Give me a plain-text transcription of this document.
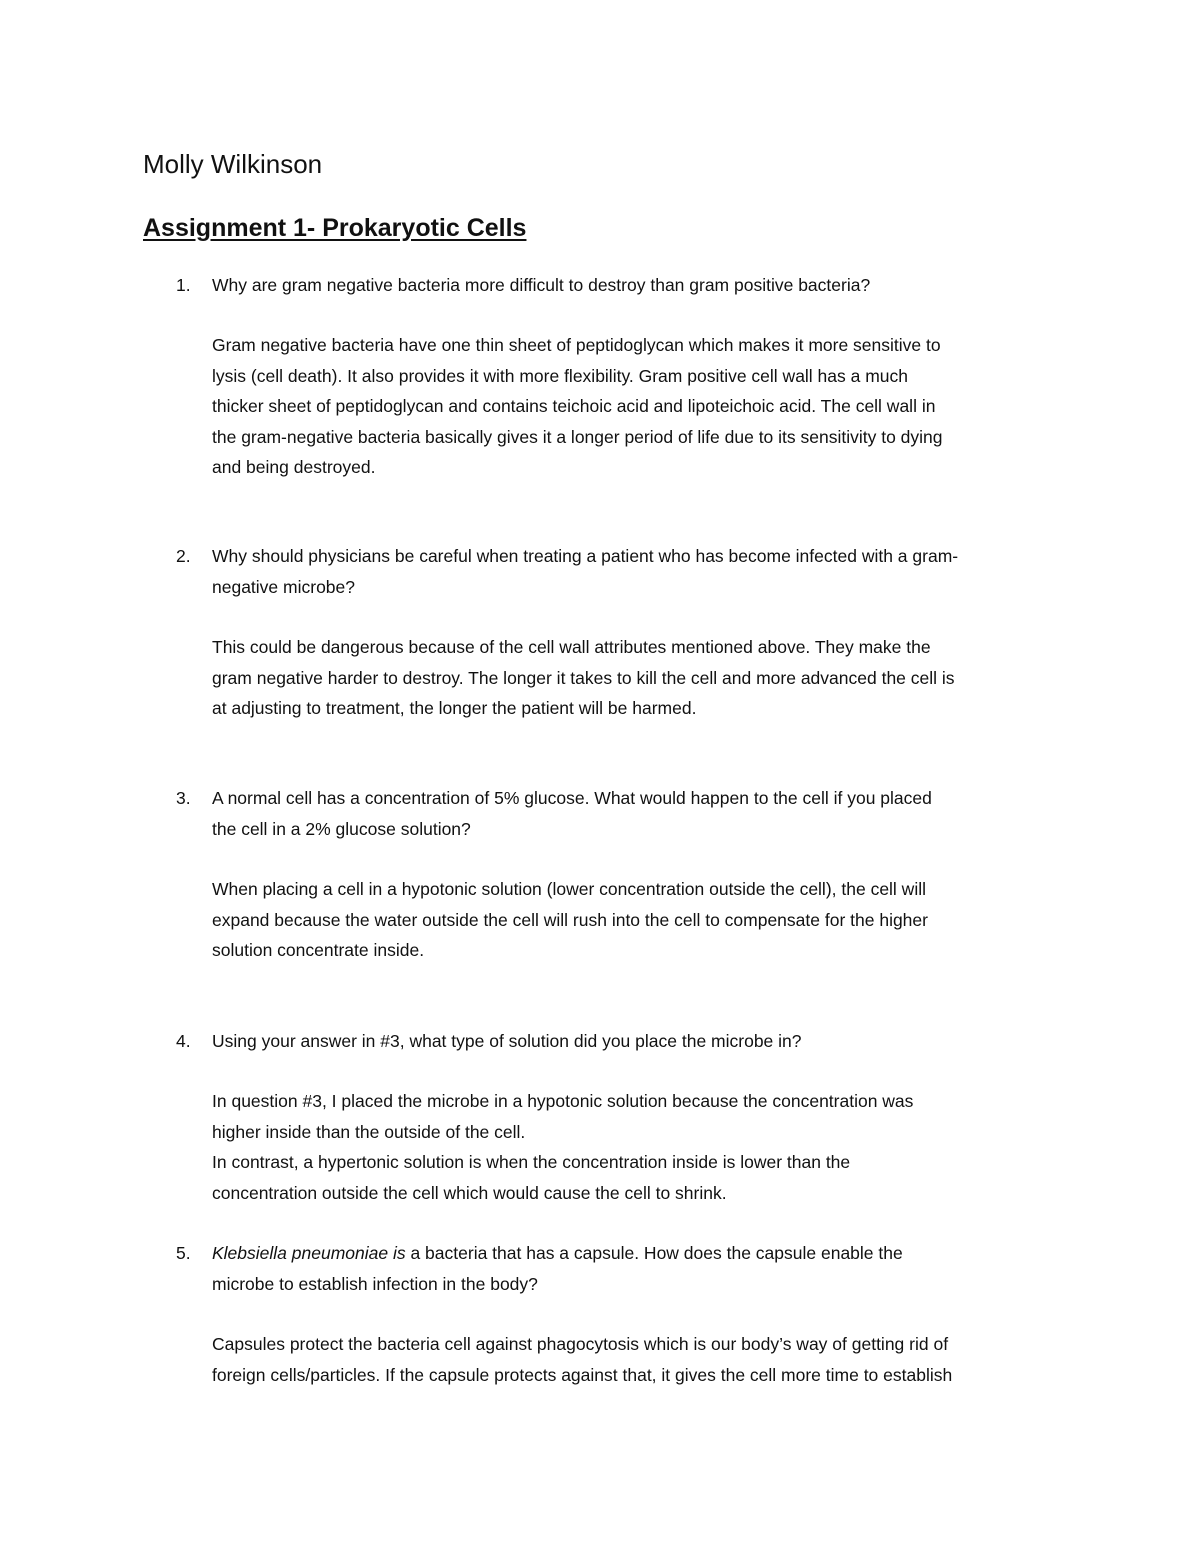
Molly Wilkinson
Assignment 1- Prokaryotic Cells
1. Why are gram negative bacteria more difficult to destroy than gram positive bacteria?
Gram negative bacteria have one thin sheet of peptidoglycan which makes it more sensitive to
lysis (cell death). It also provides it with more flexibility. Gram positive cell wall has a much
thicker sheet of peptidoglycan and contains teichoic acid and lipoteichoic acid. The cell wall in
the gram-negative bacteria basically gives it a longer period of life due to its sensitivity to dying
and being destroyed.
2. Why should physicians be careful when treating a patient who has become infected with a gram-
negative microbe?
This could be dangerous because of the cell wall attributes mentioned above. They make the
gram negative harder to destroy. The longer it takes to kill the cell and more advanced the cell is
at adjusting to treatment, the longer the patient will be harmed.
3. A normal cell has a concentration of 5% glucose. What would happen to the cell if you placed
the cell in a 2% glucose solution?
When placing a cell in a hypotonic solution (lower concentration outside the cell), the cell will
expand because the water outside the cell will rush into the cell to compensate for the higher
solution concentrate inside.
4. Using your answer in #3, what type of solution did you place the microbe in?
In question #3, I placed the microbe in a hypotonic solution because the concentration was
higher inside than the outside of the cell.
In contrast, a hypertonic solution is when the concentration inside is lower than the
concentration outside the cell which would cause the cell to shrink.
5. Klebsiella pneumoniae is a bacteria that has a capsule. How does the capsule enable the
microbe to establish infection in the body?
Capsules protect the bacteria cell against phagocytosis which is our body’s way of getting rid of
foreign cells/particles. If the capsule protects against that, it gives the cell more time to establish
